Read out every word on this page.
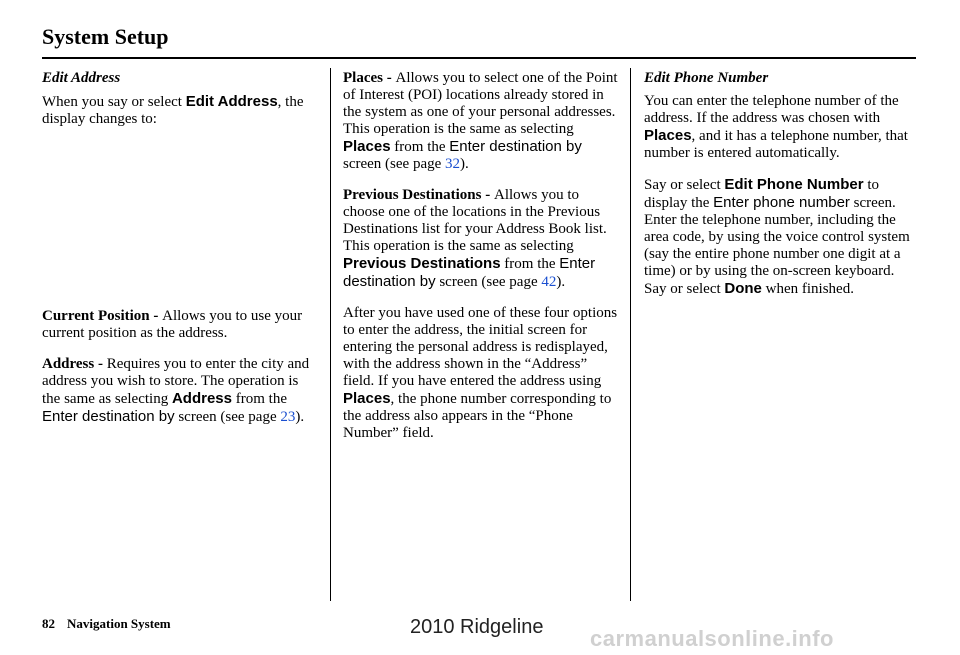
System Setup
Edit Address

When you say or select Edit Address, the display changes to:

Current Position - Allows you to use your current position as the address.

Address - Requires you to enter the city and address you wish to store. The operation is the same as selecting Address from the Enter destination by screen (see page 23).

Places - Allows you to select one of the Point of Interest (POI) locations already stored in the system as one of your personal addresses. This operation is the same as selecting Places from the Enter destination by screen (see page 32).

Previous Destinations - Allows you to choose one of the locations in the Previous Destinations list for your Address Book list. This operation is the same as selecting Previous Destinations from the Enter destination by screen (see page 42).

After you have used one of these four options to enter the address, the initial screen for entering the personal address is redisplayed, with the address shown in the “Address” field. If you have entered the address using Places, the phone number corresponding to the address also appears in the “Phone Number” field.

Edit Phone Number

You can enter the telephone number of the address. If the address was chosen with Places, and it has a telephone number, that number is entered automatically.

Say or select Edit Phone Number to display the Enter phone number screen. Enter the telephone number, including the area code, by using the voice control system (say the entire phone number one digit at a time) or by using the on-screen keyboard. Say or select Done when finished.

82 Navigation System	2010 Ridgeline carmanualsonline.info
